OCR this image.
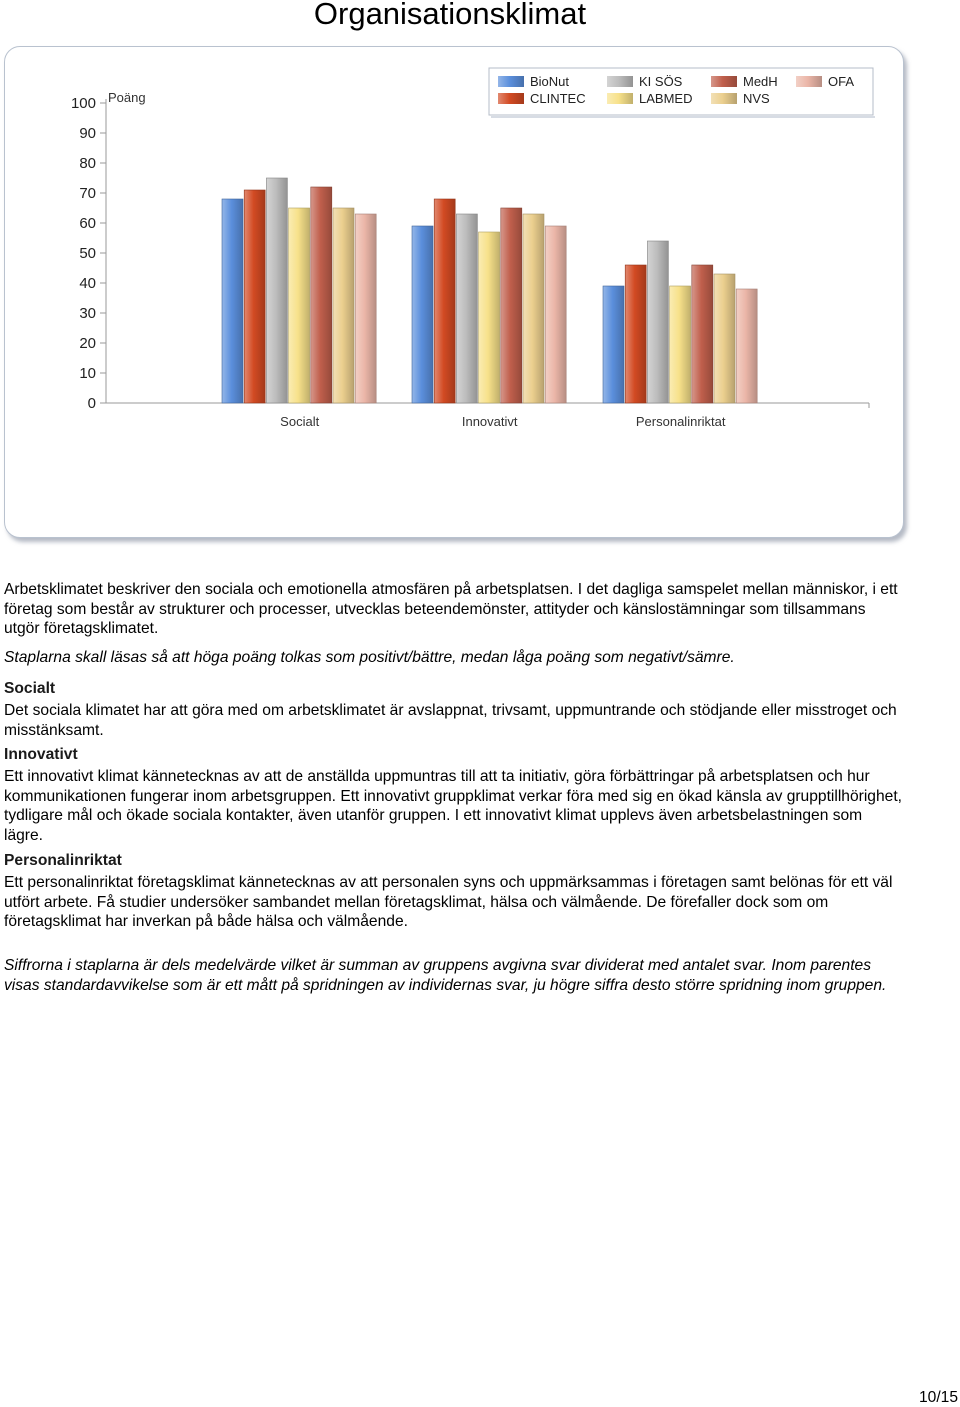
Organisationsklimat
BioNut	KI SÖS	MedH	OFA
CLINTEC	LABMED	NVS
0
10
20
30
40
50
60
70
80
90
100 Poäng
Socialt	Innovativt	Personalinriktat

Arbetsklimatet beskriver den sociala och emotionella atmosfären på arbetsplatsen. I det dagliga samspelet mellan människor, i ett företag som består av strukturer och processer, utvecklas beteendemönster, attityder och känslostämningar som tillsammans utgör företagsklimatet.

Staplarna skall läsas så att höga poäng tolkas som positivt/bättre, medan låga poäng som negativt/sämre.

Socialt

Det sociala klimatet har att göra med om arbetsklimatet är avslappnat, trivsamt, uppmuntrande och stödjande eller misstroget och misstänksamt.

Innovativt

Ett innovativt klimat kännetecknas av att de anställda uppmuntras till att ta initiativ, göra förbättringar på arbetsplatsen och hur kommunikationen fungerar inom arbetsgruppen. Ett innovativt gruppklimat verkar föra med sig en ökad känsla av grupptillhörighet, tydligare mål och ökade sociala kontakter, även utanför gruppen. I ett innovativt klimat upplevs även arbetsbelastningen som lägre.

Personalinriktat

Ett personalinriktat företagsklimat kännetecknas av att personalen syns och uppmärksammas i företagen samt belönas för ett väl utfört arbete. Få studier undersöker sambandet mellan företagsklimat, hälsa och välmående. De förefaller dock som om företagsklimat har inverkan på både hälsa och välmående.

Siffrorna i staplarna är dels medelvärde vilket är summan av gruppens avgivna svar dividerat med antalet svar. Inom parentes visas standardavvikelse som är ett mått på spridningen av individernas svar, ju högre siffra desto större spridning inom gruppen.

10/15
